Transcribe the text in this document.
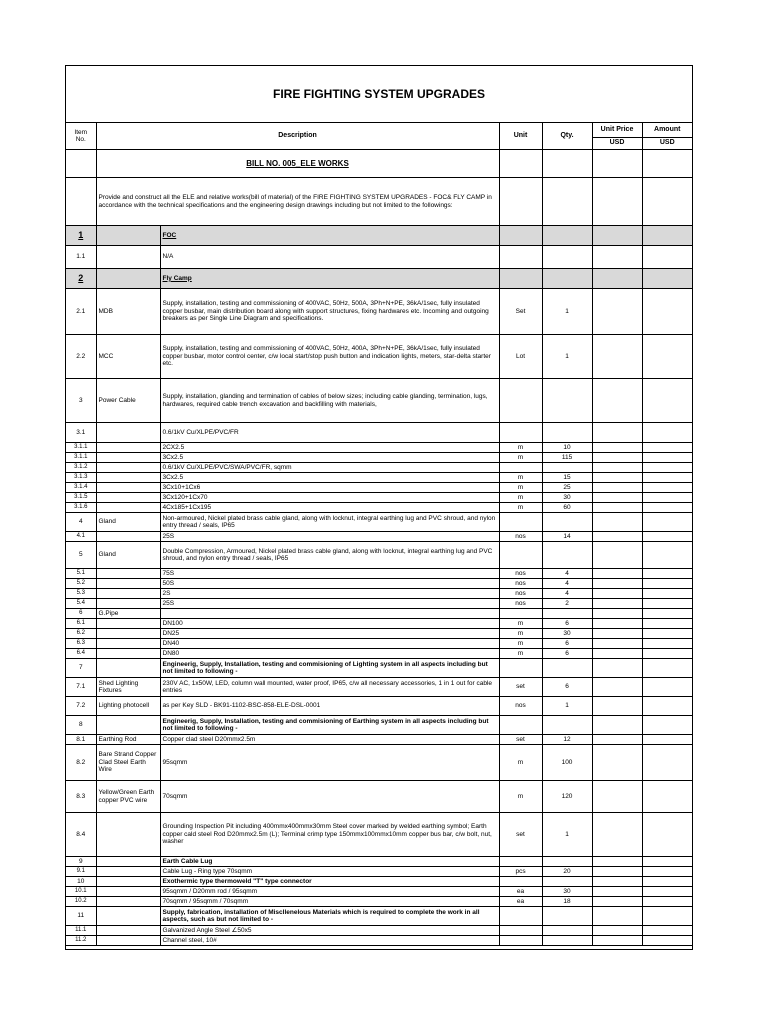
FIRE FIGHTING SYSTEM UPGRADES
Item
No.	Description		Unit	Qty.	Unit Price	Amount
					USD	USD

	BILL NO. 005_ELE WORKS					

	Provide and construct all the ELE and relative works(bill of material) of the FIRE FIGHTING SYSTEM UPGRADES - FOC& FLY CAMP in accordance with the technical specifications and the engineering design drawings including but not limited to the followings:					
1		FOC				
1.1		N/A				
2		Fly Camp				
2.1	MDB	Supply, installation, testing and commissioning of 400VAC, 50Hz, 500A, 3Ph+N+PE, 36kA/1sec, fully insulated copper busbar, main distribution board along with support structures, fixing hardwares etc. Incoming and outgoing breakers as per Single Line Diagram and specifications.	Set	1		
2.2	MCC	Supply, installation, testing and commissioning of 400VAC, 50Hz, 400A, 3Ph+N+PE, 36kA/1sec, fully insulated copper busbar, motor control center, c/w local start/stop push button and indication lights, meters, star-delta starter etc.	Lot	1		
3	Power Cable	Supply, installation, glanding and termination of cables of below sizes; including cable glanding, termination, lugs, hardwares, required cable trench excavation and backfilling with materials,				
3.1		0.6/1kV Cu/XLPE/PVC/FR				
3.1.1		2CX2.5	m	10		
3.1.1		3Cx2.5	m	115		
3.1.2		0.6/1kV Cu/XLPE/PVC/SWA/PVC/FR, sqmm				
3.1.3		3Cx2.5	m	15		
3.1.4		3Cx10+1Cx6	m	25		
3.1.5		3Cx120+1Cx70	m	30		
3.1.6		4Cx185+1Cx195	m	60		
4	Gland	Non-armoured, Nickel plated brass cable gland, along with locknut, integral earthing lug and PVC shroud, and nylon entry thread / seals, IP65				
4.1		25S	nos	14		
5	Gland	Double Compression, Armoured, Nickel plated brass cable gland, along with locknut, integral earthing lug and PVC shroud, and nylon entry thread / seals, IP65				
5.1		75S	nos	4		
5.2		50S	nos	4		
5.3		2S	nos	4		
5.4		25S	nos	2		
6	G.Pipe					
6.1		DN100	m	6		
6.2		DN25	m	30		
6.3		DN40	m	6		
6.4		DN80	m	6		
7		Engineerig, Supply, Installation, testing and commisioning of Lighting system in all aspects including but not limited to following -				
7.1	Shed Lighting Fixtures	230V AC, 1x50W, LED, column wall mounted, water proof, IP65, c/w all necessary accessories, 1 in 1 out for cable entries	set	6		
7.2	Lighting photocell	as per Key SLD - BK91-1102-BSC-858-ELE-DSL-0001	nos	1		
8		Engineerig, Supply, Installation, testing and commisioning of Earthing system in all aspects including but not limited to following -				
8.1	Earthing Rod	Copper clad steel D20mmx2.5m	set	12		
8.2	Bare Strand Copper Clad Steel Earth Wire	95sqmm	m	100		
8.3	Yellow/Green Earth copper PVC wire	70sqmm	m	120		
8.4		Grounding Inspection Pit including 400mmx400mmx30mm Steel cover marked by welded earthing symbol; Earth copper cald steel Rod D20mmx2.5m (L); Terminal crimp type 150mmx100mmx10mm copper bus bar, c/w bolt, nut, washer	set	1		
9		Earth Cable Lug				
9.1		Cable Lug - Ring type 70sqmm	pcs	20		
10		Exothermic type thermoweld "T" type connector				
10.1		95sqmm / D20mm rod / 95sqmm	ea	30		
10.2		70sqmm / 95sqmm / 70sqmm	ea	18		
11		Supply, fabrication, installation of Miscllenelous Materials which is required to complete the work in all aspects, such as but not limited to -				
11.1		Galvanized Angle Steel ∠50x5				
11.2		Channel steel, 10#				
